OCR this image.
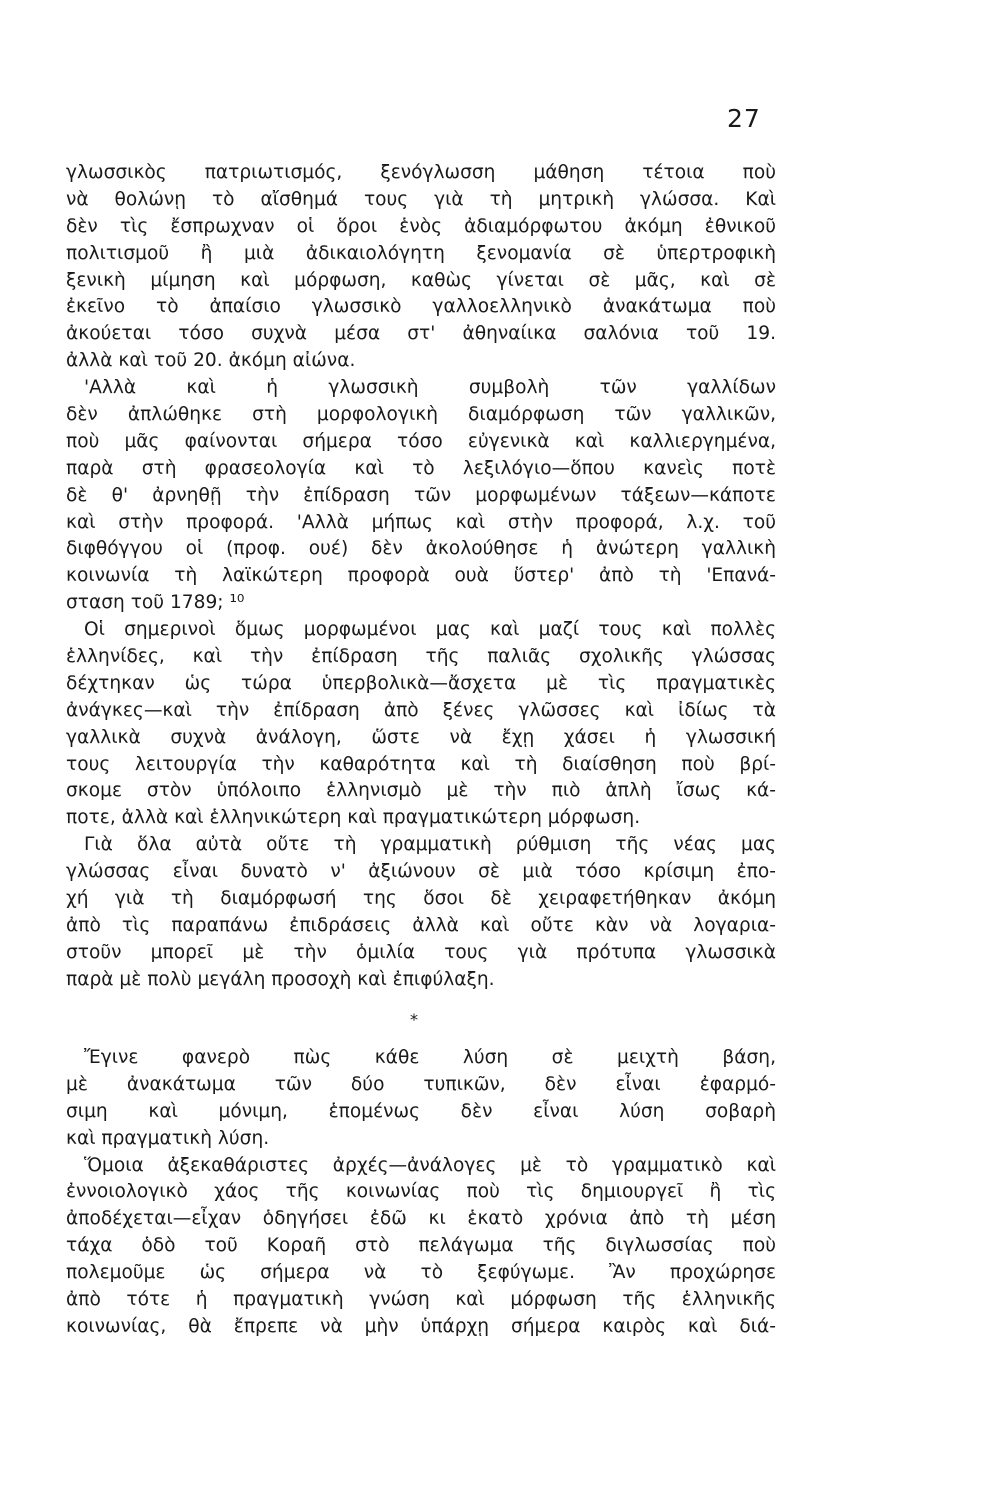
27
γλωσσικὸς πατριωτισμός, ξενόγλωσση μάθηση τέτοια ποὺ
νὰ θολώνῃ τὸ αἴσθημά τους γιὰ τὴ μητρικὴ γλώσσα. Καὶ
δὲν τὶς ἔσπρωχναν οἱ ὅροι ἑνὸς ἀδιαμόρφωτου ἀκόμη ἐθνικοῦ
πολιτισμοῦ ἢ μιὰ ἀδικαιολόγητη ξενομανία σὲ ὑπερτροφικὴ
ξενικὴ μίμηση καὶ μόρφωση, καθὼς γίνεται σὲ μᾶς, καὶ σὲ
ἐκεῖνο τὸ ἀπαίσιο γλωσσικὸ γαλλοελληνικὸ ἀνακάτωμα ποὺ
ἀκούεται τόσο συχνὰ μέσα στ' ἀθηναίικα σαλόνια τοῦ 19.
ἀλλὰ καὶ τοῦ 20. ἀκόμη αἰώνα.
'Αλλὰ καὶ ἡ γλωσσικὴ συμβολὴ τῶν γαλλίδων
δὲν ἀπλώθηκε στὴ μορφολογικὴ διαμόρφωση τῶν γαλλικῶν,
ποὺ μᾶς φαίνονται σήμερα τόσο εὐγενικὰ καὶ καλλιεργημένα,
παρὰ στὴ φρασεολογία καὶ τὸ λεξιλόγιο—ὅπου κανεὶς ποτὲ
δὲ θ' ἀρνηθῇ τὴν ἐπίδραση τῶν μορφωμένων τάξεων—κάποτε
καὶ στὴν προφορά. 'Αλλὰ μήπως καὶ στὴν προφορά, λ.χ. τοῦ
διφθόγγου οἱ (προφ. ουέ) δὲν ἀκολούθησε ἡ ἀνώτερη γαλλικὴ
κοινωνία τὴ λαϊκώτερη προφορὰ ουὰ ὕστερ' ἀπὸ τὴ 'Επανά-
σταση τοῦ 1789; ¹⁰
Οἱ σημερινοὶ ὅμως μορφωμένοι μας καὶ μαζί τους καὶ πολλὲς
ἑλληνίδες, καὶ τὴν ἐπίδραση τῆς παλιᾶς σχολικῆς γλώσσας
δέχτηκαν ὡς τώρα ὑπερβολικὰ—ἄσχετα μὲ τὶς πραγματικὲς
ἀνάγκες—καὶ τὴν ἐπίδραση ἀπὸ ξένες γλῶσσες καὶ ἰδίως τὰ
γαλλικὰ συχνὰ ἀνάλογη, ὥστε νὰ ἔχῃ χάσει ἡ γλωσσική
τους λειτουργία τὴν καθαρότητα καὶ τὴ διαίσθηση ποὺ βρί-
σκομε στὸν ὑπόλοιπο ἑλληνισμὸ μὲ τὴν πιὸ ἁπλὴ ἴσως κά-
ποτε, ἀλλὰ καὶ ἑλληνικώτερη καὶ πραγματικώτερη μόρφωση.
Γιὰ ὅλα αὐτὰ οὔτε τὴ γραμματικὴ ρύθμιση τῆς νέας μας
γλώσσας εἶναι δυνατὸ ν' ἀξιώνουν σὲ μιὰ τόσο κρίσιμη ἐπο-
χή γιὰ τὴ διαμόρφωσή της ὅσοι δὲ χειραφετήθηκαν ἀκόμη
ἀπὸ τὶς παραπάνω ἐπιδράσεις ἀλλὰ καὶ οὔτε κὰν νὰ λογαρια-
στοῦν μπορεῖ μὲ τὴν ὁμιλία τους γιὰ πρότυπα γλωσσικὰ
παρὰ μὲ πολὺ μεγάλη προσοχὴ καὶ ἐπιφύλαξη.
*
Ἔγινε φανερὸ πὼς κάθε λύση σὲ μειχτὴ βάση,
μὲ ἀνακάτωμα τῶν δύο τυπικῶν, δὲν εἶναι ἐφαρμό-
σιμη καὶ μόνιμη, ἑπομένως δὲν εἶναι λύση σοβαρὴ
καὶ πραγματικὴ λύση.
Ὅμοια ἀξεκαθάριστες ἀρχές—ἀνάλογες μὲ τὸ γραμματικὸ καὶ
ἐννοιολογικὸ χάος τῆς κοινωνίας ποὺ τὶς δημιουργεῖ ἢ τὶς
ἀποδέχεται—εἶχαν ὁδηγήσει ἐδῶ κι ἑκατὸ χρόνια ἀπὸ τὴ μέση
τάχα ὁδὸ τοῦ Κοραῆ στὸ πελάγωμα τῆς διγλωσσίας ποὺ
πολεμοῦμε ὡς σήμερα νὰ τὸ ξεφύγωμε. Ἂν προχώρησε
ἀπὸ τότε ἡ πραγματικὴ γνώση καὶ μόρφωση τῆς ἑλληνικῆς
κοινωνίας, θὰ ἔπρεπε νὰ μὴν ὑπάρχῃ σήμερα καιρὸς καὶ διά-
